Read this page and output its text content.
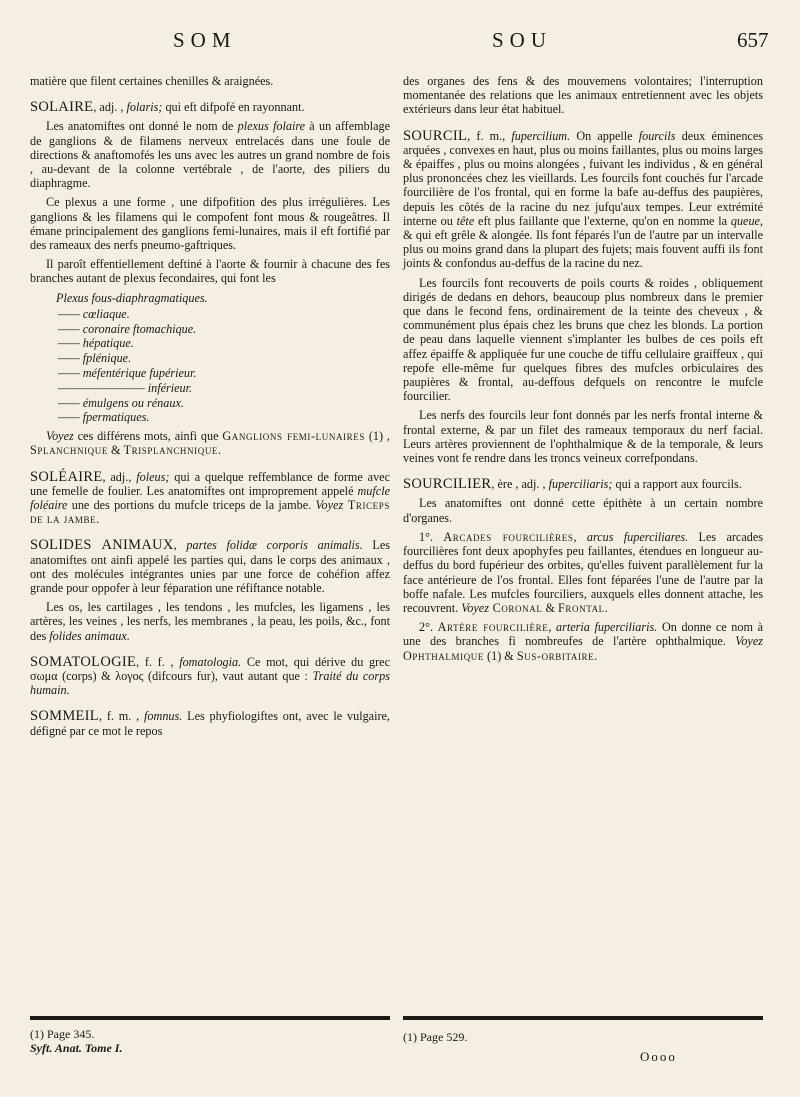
SOM	SOU	657

matière que filent certaines chenilles & araignées.

SOLAIRE, adj. , folaris; qui eft difpofé en rayonnant.

Les anatomiftes ont donné le nom de plexus folaire à un affemblage de ganglions & de filamens nerveux entrelacés dans une foule de directions & anaftomofés les uns avec les autres un grand nombre de fois , au-devant de la colonne vertébrale , de l'aorte, des piliers du diaphragme.

Ce plexus a une forme , une difpofition des plus irrégulières. Les ganglions & les filamens qui le compofent font mous & rougeâtres. Il émane principalement des ganglions femi-lunaires, mais il eft fortifié par des rameaux des nerfs pneumo-gaftriques.

Il paroît effentiellement deftiné à l'aorte & fournir à chacune des fes branches autant de plexus fecondaires, qui font les

Plexus fous-diaphragmatiques.
—— cœliaque.
—— coronaire ftomachique.
—— hépatique.
—— fplénique.
—— méfentérique fupérieur.
———————— inférieur.
—— émulgens ou rénaux.
—— fpermatiques.

Voyez ces différens mots, ainfi que Ganglions femi-lunaires (1) , Splanchnique & Trisplanchnique.

SOLÉAIRE, adj., foleus; qui a quelque reffemblance de forme avec une femelle de foulier. Les anatomiftes ont improprement appelé mufcle foléaire une des portions du mufcle triceps de la jambe. Voyez Triceps de la jambe.

SOLIDES ANIMAUX, partes folidæ corporis animalis. Les anatomiftes ont ainfi appelé les parties qui, dans le corps des animaux , ont des molécules intégrantes unies par une force de cohéfion affez grande pour oppofer à leur féparation une réfiftance notable.

Les os, les cartilages , les tendons , les mufcles, les ligamens , les artères, les veines , les nerfs, les membranes , la peau, les poils, &c., font des folides animaux.

SOMATOLOGIE, f. f. , fomatologia. Ce mot, qui dérive du grec σωμα (corps) & λογος (difcours fur), vaut autant que : Traité du corps humain.

SOMMEIL, f. m. , fomnus. Les phyfiologiftes ont, avec le vulgaire, défigné par ce mot le repos

des organes des fens & des mouvemens volontaires; l'interruption momentanée des relations que les animaux entretiennent avec les objets extérieurs dans leur état habituel.

SOURCIL, f. m., fupercilium. On appelle fourcils deux éminences arquées , convexes en haut, plus ou moins faillantes, plus ou moins larges & épaiffes , plus ou moins alongées , fuivant les individus , & en général plus prononcées chez les vieillards. Les fourcils font couchés fur l'arcade fourcilière de l'os frontal, qui en forme la bafe au-deffus des paupières, depuis les côtés de la racine du nez jufqu'aux tempes. Leur extrémité interne ou tête eft plus faillante que l'externe, qu'on en nomme la queue, & qui eft grêle & alongée. Ils font féparés l'un de l'autre par un intervalle plus ou moins grand dans la plupart des fujets; mais fouvent auffi ils font joints & confondus au-deffus de la racine du nez.

Les fourcils font recouverts de poils courts & roides , obliquement dirigés de dedans en dehors, beaucoup plus nombreux dans le premier que dans le fecond fens, ordinairement de la teinte des cheveux , & communément plus épais chez les bruns que chez les blonds. La portion de peau dans laquelle viennent s'implanter les bulbes de ces poils eft affez épaiffe & appliquée fur une couche de tiffu cellulaire graiffeux , qui repofe elle-même fur quelques fibres des mufcles orbiculaires des paupières & frontal, au-deffous defquels on rencontre le mufcle fourcilier.

Les nerfs des fourcils leur font donnés par les nerfs frontal interne & frontal externe, & par un filet des rameaux temporaux du nerf facial. Leurs artères proviennent de l'ophthalmique & de la temporale, & leurs veines vont fe rendre dans les troncs veineux correfpondans.

SOURCILIER, ère , adj. , fuperciliaris; qui a rapport aux fourcils.

Les anatomiftes ont donné cette épithète à un certain nombre d'organes.

1°. Arcades fourcilières, arcus fuperciliares. Les arcades fourcilières font deux apophyfes peu faillantes, étendues en longueur au-deffus du bord fupérieur des orbites, qu'elles fuivent parallèlement fur la face antérieure de l'os frontal. Elles font féparées l'une de l'autre par la boffe nafale. Les mufcles fourciliers, auxquels elles donnent attache, les recouvrent. Voyez Coronal & Frontal.

2°. Artère fourcilière, arteria fuperciliaris. On donne ce nom à une des branches fi nombreufes de l'artère ophthalmique. Voyez Ophthalmique (1) & Sus-orbitaire.

(1) Page 345.
Syft. Anat. Tome I.
(1) Page 529.
Oooo
